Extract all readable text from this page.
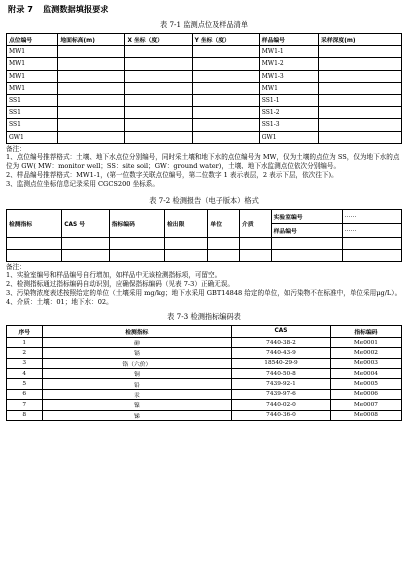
附录 7 监测数据填报要求
表 7-1 监测点位及样品清单
点位编号	地面标高(m)	X 坐标（度）	Y 坐标（度）	样品编号	采样深度(m)
MW1				MW1-1	
MW1				MW1-2	
MW1				MW1-3	
MW1				MW1	
SS1				SS1-1	
SS1				SS1-2	
SS1				SS1-3	
GW1				GW1	
备注：
1、点位编号推荐格式：土壤、地下水点位分别编号，同时采土壤和地下水的点位编号为 MW，仅为土壤的点位为 SS，仅为地下水的点位为 GW( MW：monitor well；SS：site soil；GW：ground water)，土壤、地下水监测点位依次分别编号。
2、样品编号推荐格式：MW1-1，(第一位数字关联点位编号，第二位数字 1 表示表层，2 表示下层，依次往下)。
3、监测点位坐标信息记录采用 CGCS200 坐标系。
表 7-2 检测报告（电子版本）格式
检测指标	CAS 号	指标编码	检出限	单位	介质	实验室编号	……
						样品编号	……

备注：
1、实验室编号和样品编号自行增加，如样品中无该检测指标项，可留空。
2、检测指标通过指标编码自动识别，应确保指标编码（见表 7-3）正确无误。
3、污染物浓度表述按照给定的单位（土壤采用 mg/kg；地下水采用 GBT14848 给定的单位，如污染物不在标准中，单位采用μg/L）。
4、介质：土壤：01；地下水：02。
表 7-3 检测指标编码表
序号	检测指标	CAS	指标编码
1	砷	7440-38-2	Me0001
2	镉	7440-43-9	Me0002
3	铬（六价）	18540-29-9	Me0003
4	铜	7440-50-8	Me0004
5	铅	7439-92-1	Me0005
6	汞	7439-97-6	Me0006
7	镍	7440-02-0	Me0007
8	锑	7440-36-0	Me0008
